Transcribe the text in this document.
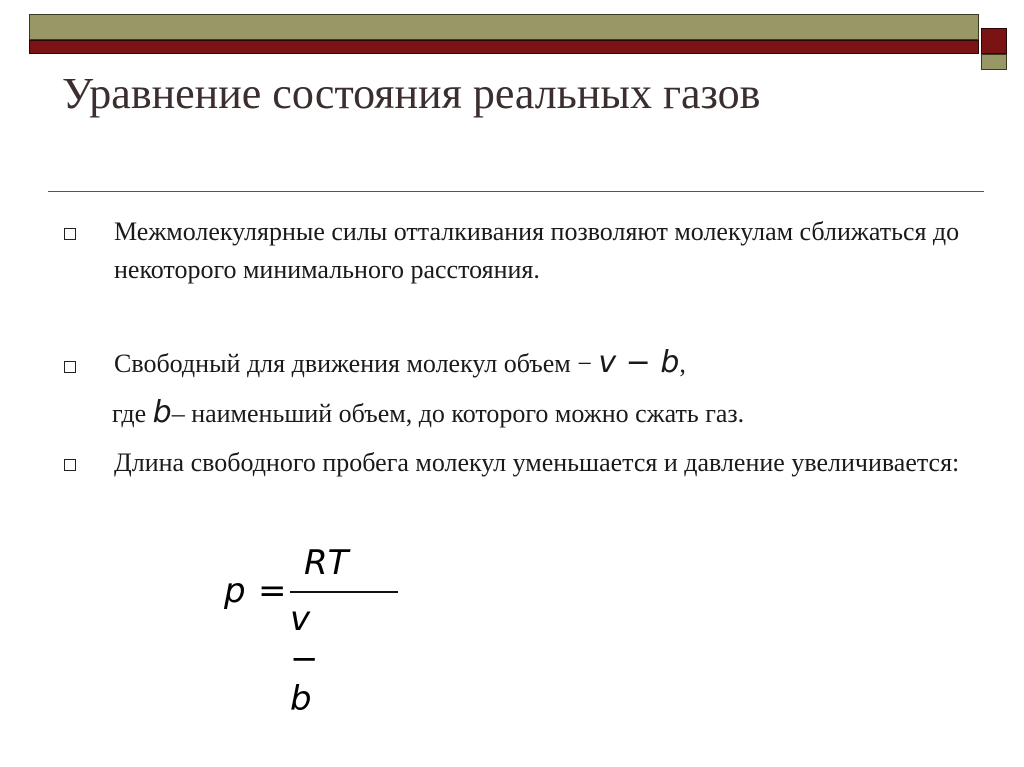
Уравнение состояния реальных газов
Межмолекулярные силы отталкивания позволяют молекулам сближаться до некоторого минимального расстояния.
Свободный для движения молекул объем − v − b,
где b– наименьший объем, до которого можно сжать газ.
Длина свободного пробега молекул уменьшается и давление увеличивается:
p =
RT
v − b
